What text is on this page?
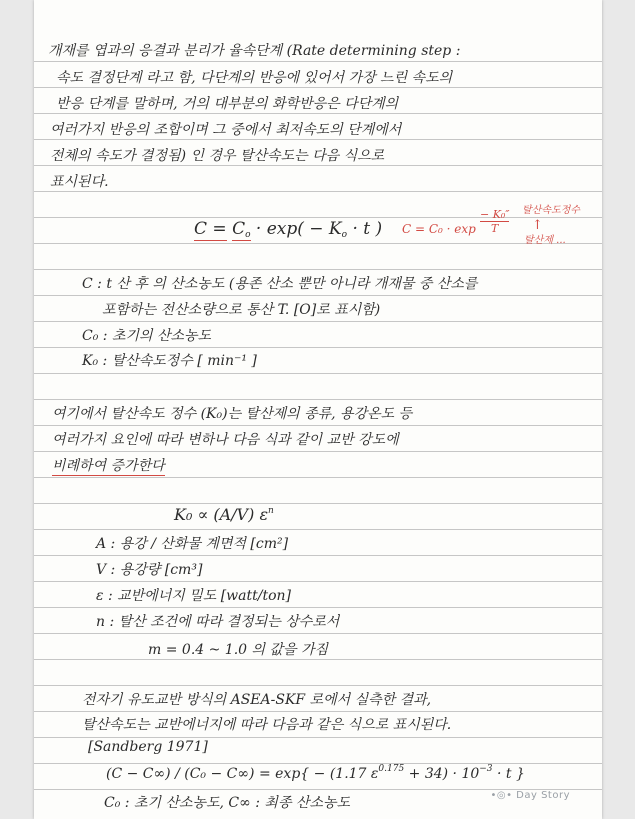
개재를 엽과의 응결과 분리가 율속단계 (Rate determining step :
속도 결정단계 라고 함, 다단계의 반응에 있어서 가장 느린 속도의
반응 단계를 말하며, 거의 대부분의 화학반응은 다단계의
여러가지 반응의 조합이며 그 중에서 최저속도의 단계에서
전체의 속도가 결정됨) 인 경우 탈산속도는 다음 식으로
표시된다.
$C = C_o \cdot \exp( - K_o \cdot t$ ) C = C₀ · exp
− K₀″
T
탈산속도정수
↑
탈산제 ...
C : t 산 후 의 산소농도 (용존 산소 뿐만 아니라 개재물 중 산소를
포함하는 전산소량으로 통산 T. [O]로 표시함)
C₀ : 초기의 산소농도
K₀ : 탈산속도정수 [ min⁻¹ ]
여기에서 탈산속도 정수 (K₀)는 탈산제의 종류, 용강온도 등
여러가지 요인에 따라 변하나 다음 식과 같이 교반 강도에
비례하여 증가한다
K₀ ∝ (A/V) $\varepsilon^n$
A : 용강 / 산화물 계면적 [cm²]
V : 용강량 [cm³]
ε : 교반에너지 밀도 [watt/ton]
n : 탈산 조건에 따라 결정되는 상수로서
m = 0.4 ~ 1.0 의 값을 가짐
전자기 유도교반 방식의 ASEA-SKF 로에서 실측한 결과,
탈산속도는 교반에너지에 따라 다음과 같은 식으로 표시된다.
[Sandberg 1971]
(C − C∞) / (C₀ − C∞) = exp{ − (1.17 $\varepsilon^{0.175} + 34) \cdot 10^{-3} \cdot t$ }
C₀ : 초기 산소농도, C∞ : 최종 산소농도	•◎• Day Story
